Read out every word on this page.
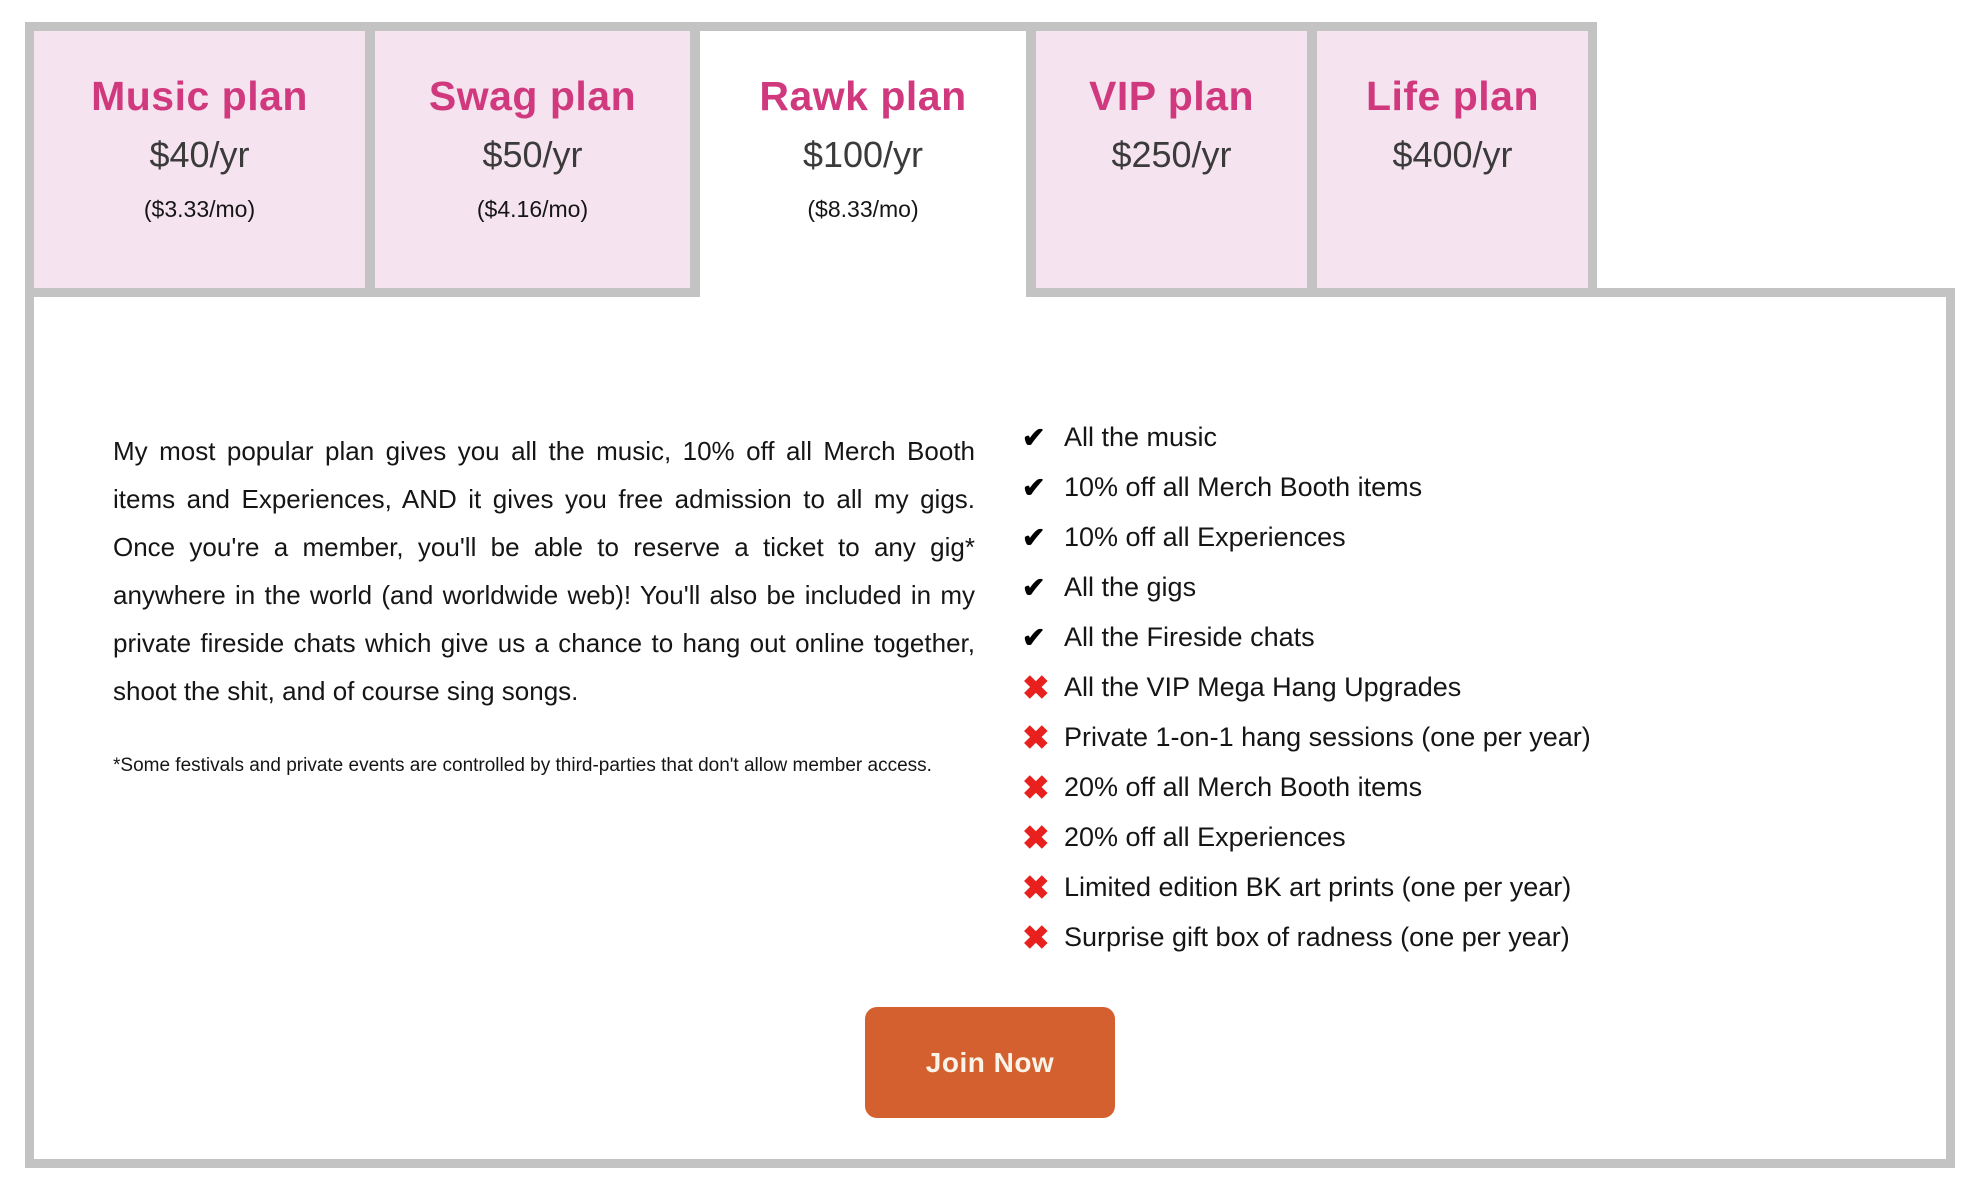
Music plan
$40/yr
($3.33/mo)
Swag plan
$50/yr
($4.16/mo)
Rawk plan
$100/yr
($8.33/mo)
VIP plan
$250/yr
Life plan
$400/yr

My most popular plan gives you all the music, 10% off all Merch Booth items and Experiences, AND it gives you free admission to all my gigs. Once you're a member, you'll be able to reserve a ticket to any gig* anywhere in the world (and worldwide web)! You'll also be included in my private fireside chats which give us a chance to hang out online together, shoot the shit, and of course sing songs.

*Some festivals and private events are controlled by third-parties that don't allow member access.

✔ All the music
✔ 10% off all Merch Booth items
✔ 10% off all Experiences
✔ All the gigs
✔ All the Fireside chats
✖ All the VIP Mega Hang Upgrades
✖ Private 1-on-1 hang sessions (one per year)
✖ 20% off all Merch Booth items
✖ 20% off all Experiences
✖ Limited edition BK art prints (one per year)
✖ Surprise gift box of radness (one per year)
Join Now
